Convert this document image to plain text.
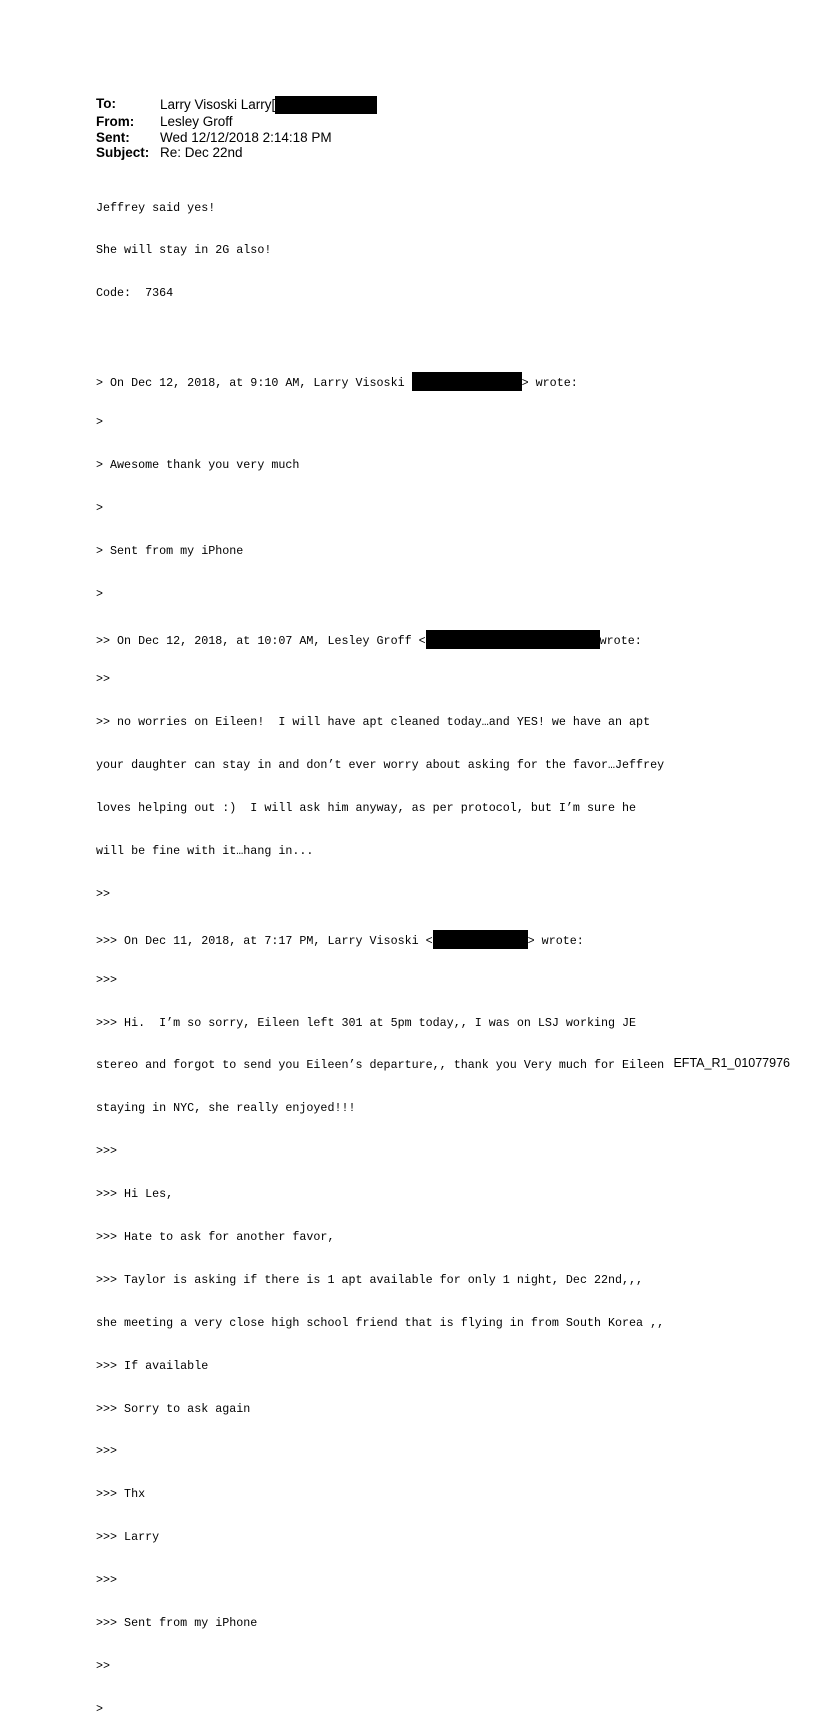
To:	Larry Visoski Larry[
From:	Lesley Groff
Sent:	Wed 12/12/2018 2:14:18 PM
Subject: Re: Dec 22nd

Jeffrey said yes!

She will stay in 2G also!

Code:  7364

> On Dec 12, 2018, at 9:10 AM, Larry Visoski	> wrote:

>

> Awesome thank you very much

>

> Sent from my iPhone

>

>> On Dec 12, 2018, at 10:07 AM, Lesley Groff <	wrote:

>>

>> no worries on Eileen!  I will have apt cleaned today…and YES! we have an apt

your daughter can stay in and don’t ever worry about asking for the favor…Jeffrey

loves helping out :)  I will ask him anyway, as per protocol, but I’m sure he

will be fine with it…hang in...

>>

>>> On Dec 11, 2018, at 7:17 PM, Larry Visoski <	> wrote:

>>>

>>> Hi.  I’m so sorry, Eileen left 301 at 5pm today,, I was on LSJ working JE

stereo and forgot to send you Eileen’s departure,, thank you Very much for Eileen

staying in NYC, she really enjoyed!!!

>>>

>>> Hi Les,

>>> Hate to ask for another favor,

>>> Taylor is asking if there is 1 apt available for only 1 night, Dec 22nd,,,

she meeting a very close high school friend that is flying in from South Korea ,,

>>> If available

>>> Sorry to ask again

>>>

>>> Thx

>>> Larry

>>>

>>> Sent from my iPhone

>>

>

EFTA_R1_01077976
